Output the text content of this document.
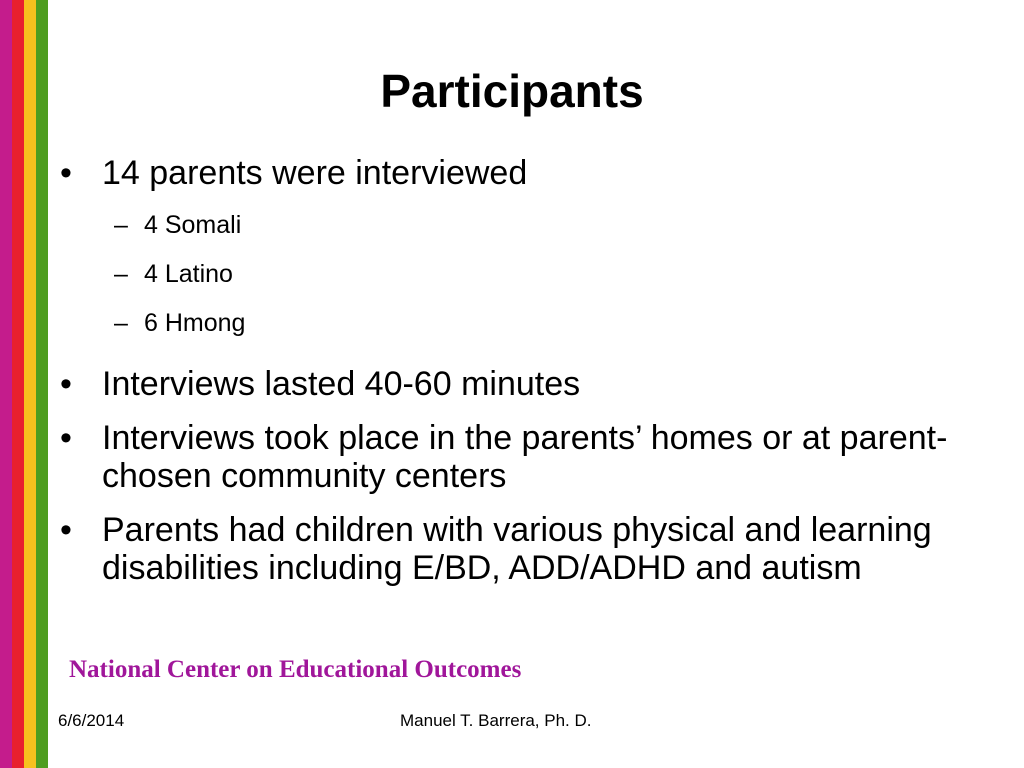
Participants
• 14 parents were interviewed
– 4 Somali
– 4 Latino
– 6 Hmong
• Interviews lasted 40-60 minutes
• Interviews took place in the parents’ homes or at parent-chosen community centers
• Parents had children with various physical and learning disabilities including E/BD, ADD/ADHD and autism
National Center on Educational Outcomes
6/6/2014	Manuel T. Barrera, Ph. D.
